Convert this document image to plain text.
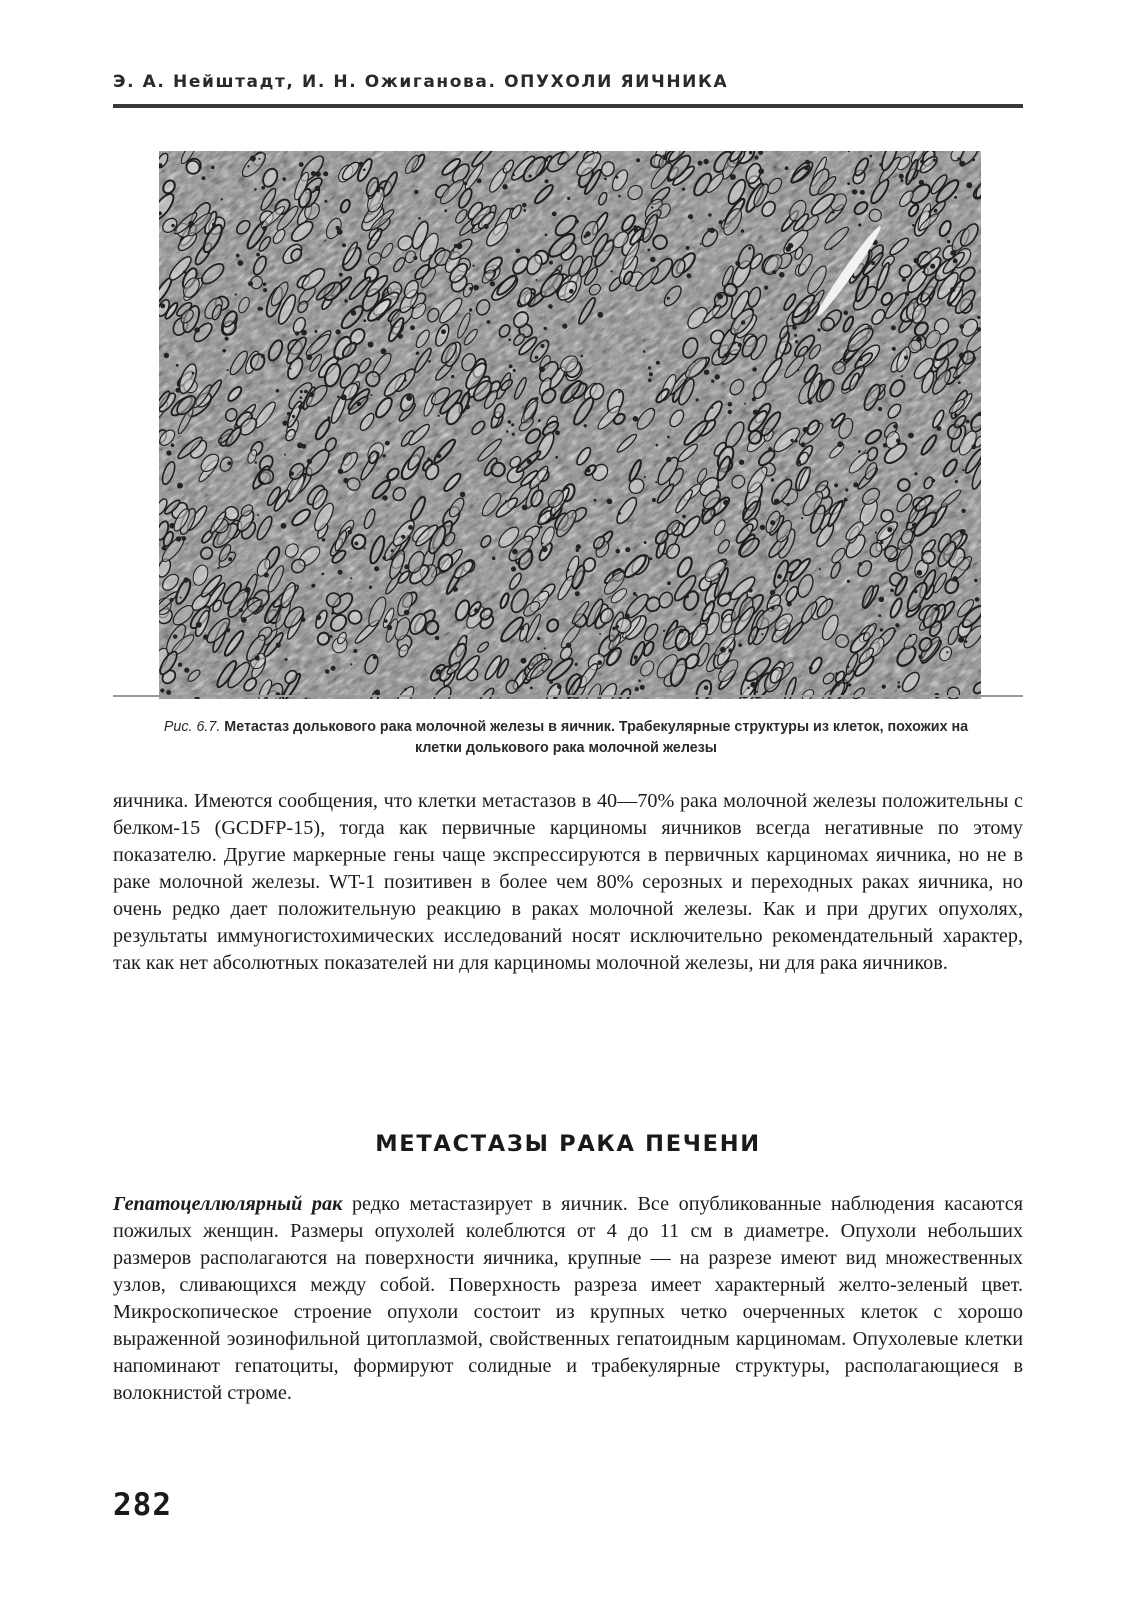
Э. А. Нейштадт, И. Н. Ожиганова. ОПУХОЛИ ЯИЧНИКА
Рис. 6.7. Метастаз долькового рака молочной железы в яичник. Трабекулярные структуры из клеток, похожих на клетки долькового рака молочной железы

яичника. Имеются сообщения, что клетки метастазов в 40—70% рака молочной железы положительны с белком-15 (GCDFP-15), тогда как первичные карциномы яичников всегда негативные по этому показателю. Другие маркерные гены чаще экспрессируются в первичных карциномах яичника, но не в раке молочной железы. WT-1 позитивен в более чем 80% серозных и переходных раках яичника, но очень редко дает положительную реакцию в раках молочной железы. Как и при других опухолях, результаты иммуногистохимических исследований носят исключительно рекомендательный характер, так как нет абсолютных показателей ни для карциномы молочной железы, ни для рака яичников.

МЕТАСТАЗЫ РАКА ПЕЧЕНИ

Гепатоцеллюлярный рак редко метастазирует в яичник. Все опубликованные наблюдения касаются пожилых женщин. Размеры опухолей колеблются от 4 до 11 см в диаметре. Опухоли небольших размеров располагаются на поверхности яичника, крупные — на разрезе имеют вид множественных узлов, сливающихся между собой. Поверхность разреза имеет характерный желто-зеленый цвет. Микроскопическое строение опухоли состоит из крупных четко очерченных клеток с хорошо выраженной эозинофильной цитоплазмой, свойственных гепатоидным карциномам. Опухолевые клетки напоминают гепатоциты, формируют солидные и трабекулярные структуры, располагающиеся в волокнистой строме.

282
